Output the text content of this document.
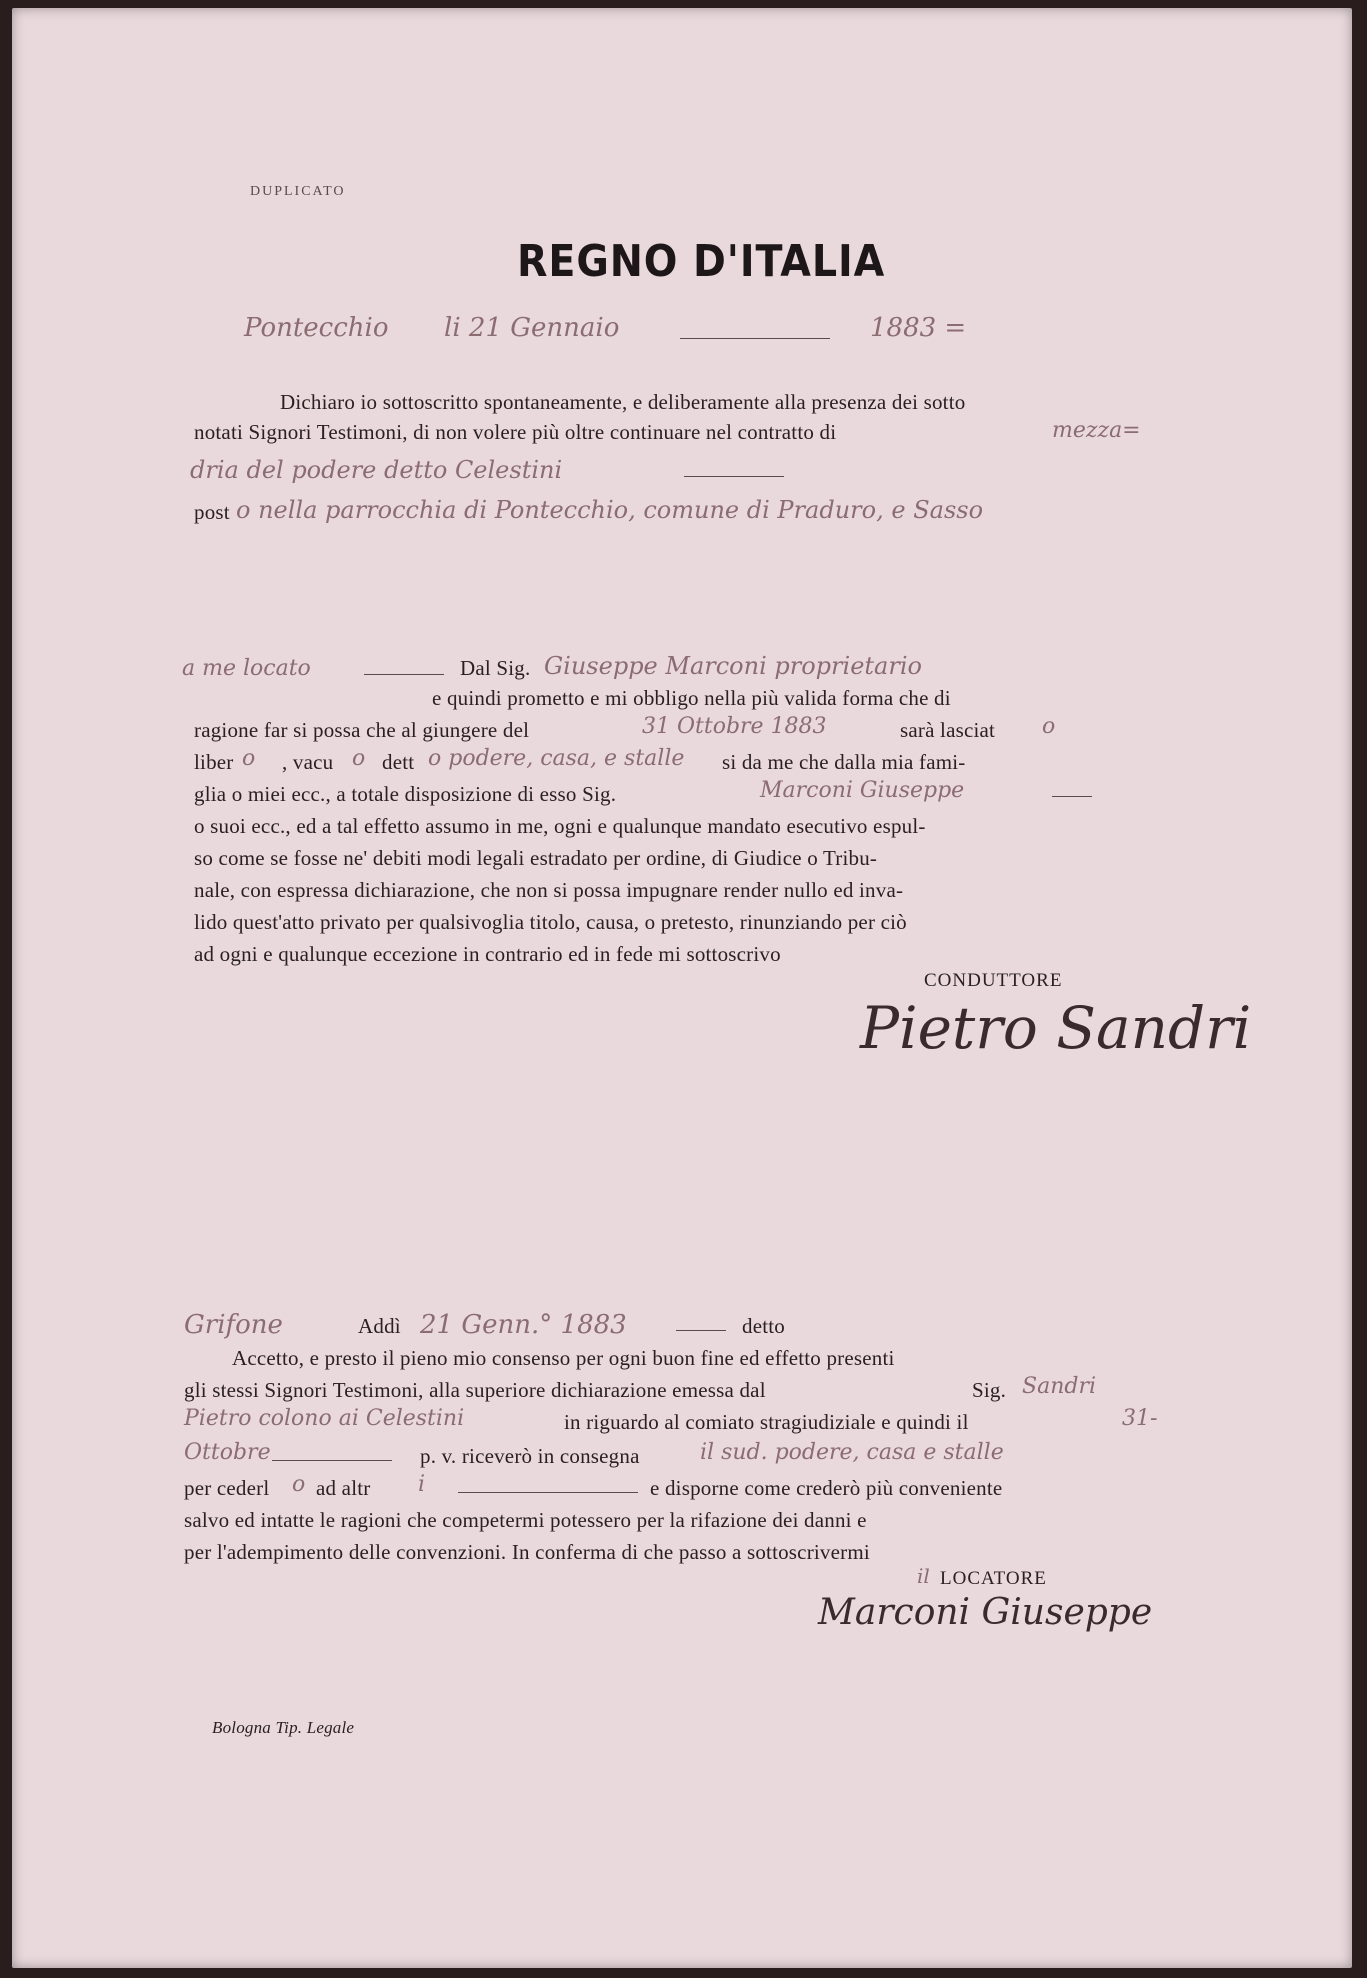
DUPLICATO
REGNO D'ITALIA
Pontecchio li 21 Gennaio	1883 =
Dichiaro io sottoscritto spontaneamente, e deliberamente alla presenza dei sotto
notati Signori Testimoni, di non volere più oltre continuare nel contratto di	mezza=
dria del podere detto Celestini
post o nella parrocchia di Pontecchio, comune di Praduro, e Sasso
a me locato	Dal Sig. Giuseppe Marconi proprietario
e quindi prometto e mi obbligo nella più valida forma che di
ragione far si possa che al giungere del	31 Ottobre 1883	sarà lasciat o
liber o , vacu o dett o podere, casa, e stalle si da me che dalla mia fami-
glia o miei ecc., a totale disposizione di esso Sig.	Marconi Giuseppe
o suoi ecc., ed a tal effetto assumo in me, ogni e qualunque mandato esecutivo espul-
so come se fosse ne' debiti modi legali estradato per ordine, di Giudice o Tribu-
nale, con espressa dichiarazione, che non si possa impugnare render nullo ed inva-
lido quest'atto privato per qualsivoglia titolo, causa, o pretesto, rinunziando per ciò
ad ogni e qualunque eccezione in contrario ed in fede mi sottoscrivo
CONDUTTORE
Pietro Sandri
Grifone	Addì 21 Genn.° 1883	detto
Accetto, e presto il pieno mio consenso per ogni buon fine ed effetto presenti
gli stessi Signori Testimoni, alla superiore dichiarazione emessa dal	Sig. Sandri
Pietro colono ai Celestini	in riguardo al comiato stragiudiziale e quindi il	31-
Ottobre	p. v. riceverò in consegna	il sud. podere, casa e stalle
per cederl o ad altr i	e disporne come crederò più conveniente
salvo ed intatte le ragioni che competermi potessero per la rifazione dei danni e
per l'adempimento delle convenzioni. In conferma di che passo a sottoscrivermi
il LOCATORE
Marconi Giuseppe
Bologna Tip. Legale
